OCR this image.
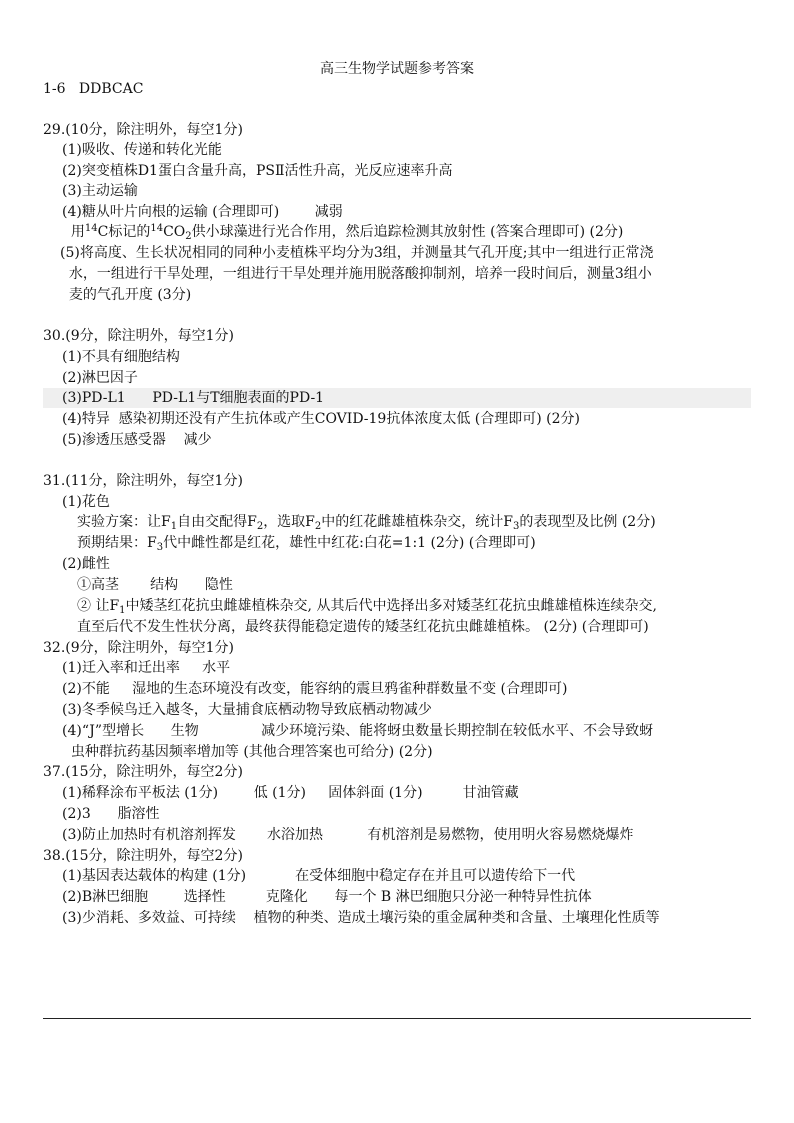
高三生物学试题参考答案

1-6   DDBCAC

29.(10分，除注明外，每空1分)

(1)吸收、传递和转化光能

(2)突变植株D1蛋白含量升高，PSⅡ活性升高，光反应速率升高

(3)主动运输

(4)糖从叶片向根的运输 (合理即可)        减弱

用$^{14}$C标记的$^{14}CO_2$供小球藻进行光合作用，然后追踪检测其放射性 (答案合理即可) (2分)

(5)将高度、生长状况相同的同种小麦植株平均分为3组，并测量其气孔开度;其中一组进行正常浇

水，一组进行干旱处理，一组进行干旱处理并施用脱落酸抑制剂，培养一段时间后，测量3组小

麦的气孔开度 (3分)

30.(9分，除注明外，每空1分)

(1)不具有细胞结构

(2)淋巴因子

(3)PD-L1      PD-L1与T细胞表面的PD-1

(4)特异  感染初期还没有产生抗体或产生COVID-19抗体浓度太低 (合理即可) (2分)

(5)渗透压感受器    减少

31.(11分，除注明外，每空1分)

(1)花色

实验方案：让$F_1$自由交配得$F_2$，选取$F_2$中的红花雌雄植株杂交，统计$F_3$的表现型及比例 (2分)

预期结果：$F_3$代中雌性都是红花，雄性中红花:白花=1:1 (2分) (合理即可)

(2)雌性

①高茎       结构      隐性

② 让$F_1$中矮茎红花抗虫雌雄植株杂交, 从其后代中选择出多对矮茎红花抗虫雌雄植株连续杂交,

直至后代不发生性状分离，最终获得能稳定遗传的矮茎红花抗虫雌雄植株。 (2分) (合理即可)

32.(9分，除注明外，每空1分)

(1)迁入率和迁出率     水平

(2)不能     湿地的生态环境没有改变，能容纳的震旦鸦雀种群数量不变 (合理即可)

(3)冬季候鸟迁入越冬，大量捕食底栖动物导致底栖动物减少

(4)“J”型增长      生物              减少环境污染、能将蚜虫数量长期控制在较低水平、不会导致蚜

虫种群抗药基因频率增加等 (其他合理答案也可给分) (2分)

37.(15分，除注明外，每空2分)

(1)稀释涂布平板法 (1分)        低 (1分)     固体斜面 (1分)         甘油管藏

(2)3      脂溶性

(3)防止加热时有机溶剂挥发       水浴加热          有机溶剂是易燃物，使用明火容易燃烧爆炸

38.(15分，除注明外，每空2分)

(1)基因表达载体的构建 (1分)           在受体细胞中稳定存在并且可以遗传给下一代

(2)B淋巴细胞        选择性         克隆化      每一个 B 淋巴细胞只分泌一种特异性抗体

(3)少消耗、多效益、可持续    植物的种类、造成土壤污染的重金属种类和含量、土壤理化性质等
